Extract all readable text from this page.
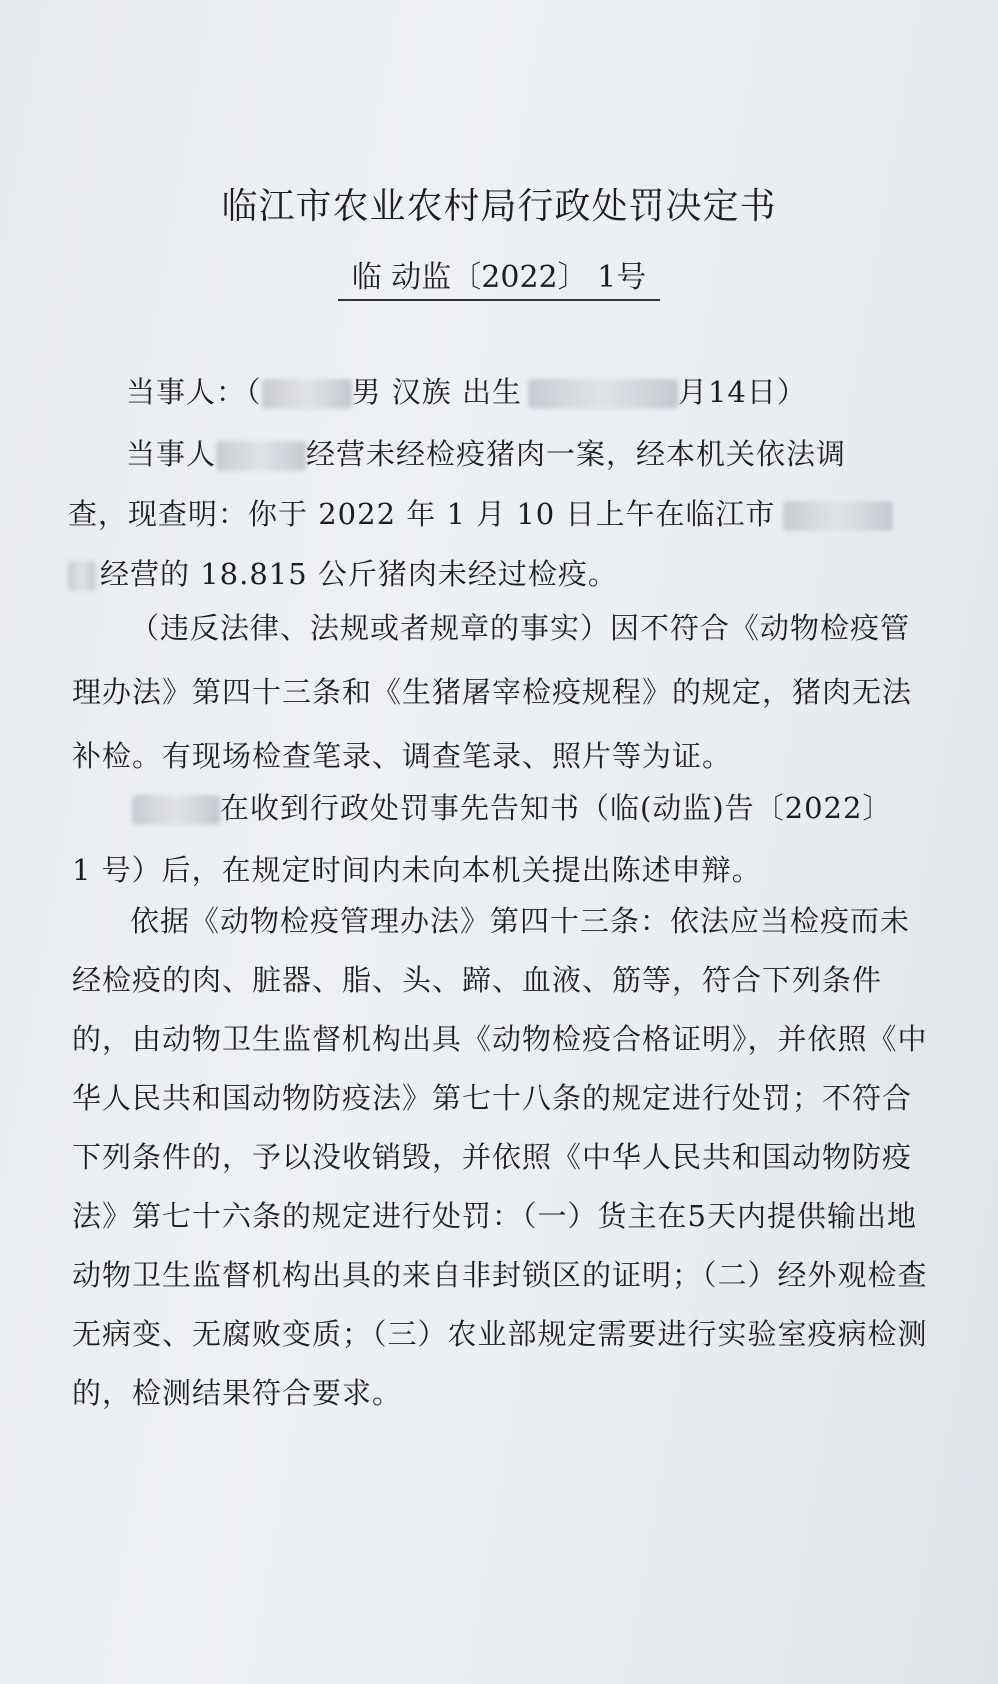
临江市农业农村局行政处罚决定书
临 动监〔2022〕 1号
当事人：（	男 汉族 出生	月14日）
当事人	经营未经检疫猪肉一案，经本机关依法调
查，现查明：你于 2022 年 1 月 10 日上午在临江市
经营的 18.815 公斤猪肉未经过检疫。
（违反法律、法规或者规章的事实）因不符合《动物检疫管理办法》第四十三条和《生猪屠宰检疫规程》的规定，猪肉无法补检。有现场检查笔录、调查笔录、照片等为证。
在收到行政处罚事先告知书（临(动监)告〔2022〕
1 号）后，在规定时间内未向本机关提出陈述申辩。
依据《动物检疫管理办法》第四十三条：依法应当检疫而未经检疫的肉、脏器、脂、头、蹄、血液、筋等，符合下列条件的，由动物卫生监督机构出具《动物检疫合格证明》，并依照《中华人民共和国动物防疫法》第七十八条的规定进行处罚；不符合下列条件的，予以没收销毁，并依照《中华人民共和国动物防疫法》第七十六条的规定进行处罚：（一）货主在5天内提供输出地动物卫生监督机构出具的来自非封锁区的证明；（二）经外观检查无病变、无腐败变质；（三）农业部规定需要进行实验室疫病检测的，检测结果符合要求。
